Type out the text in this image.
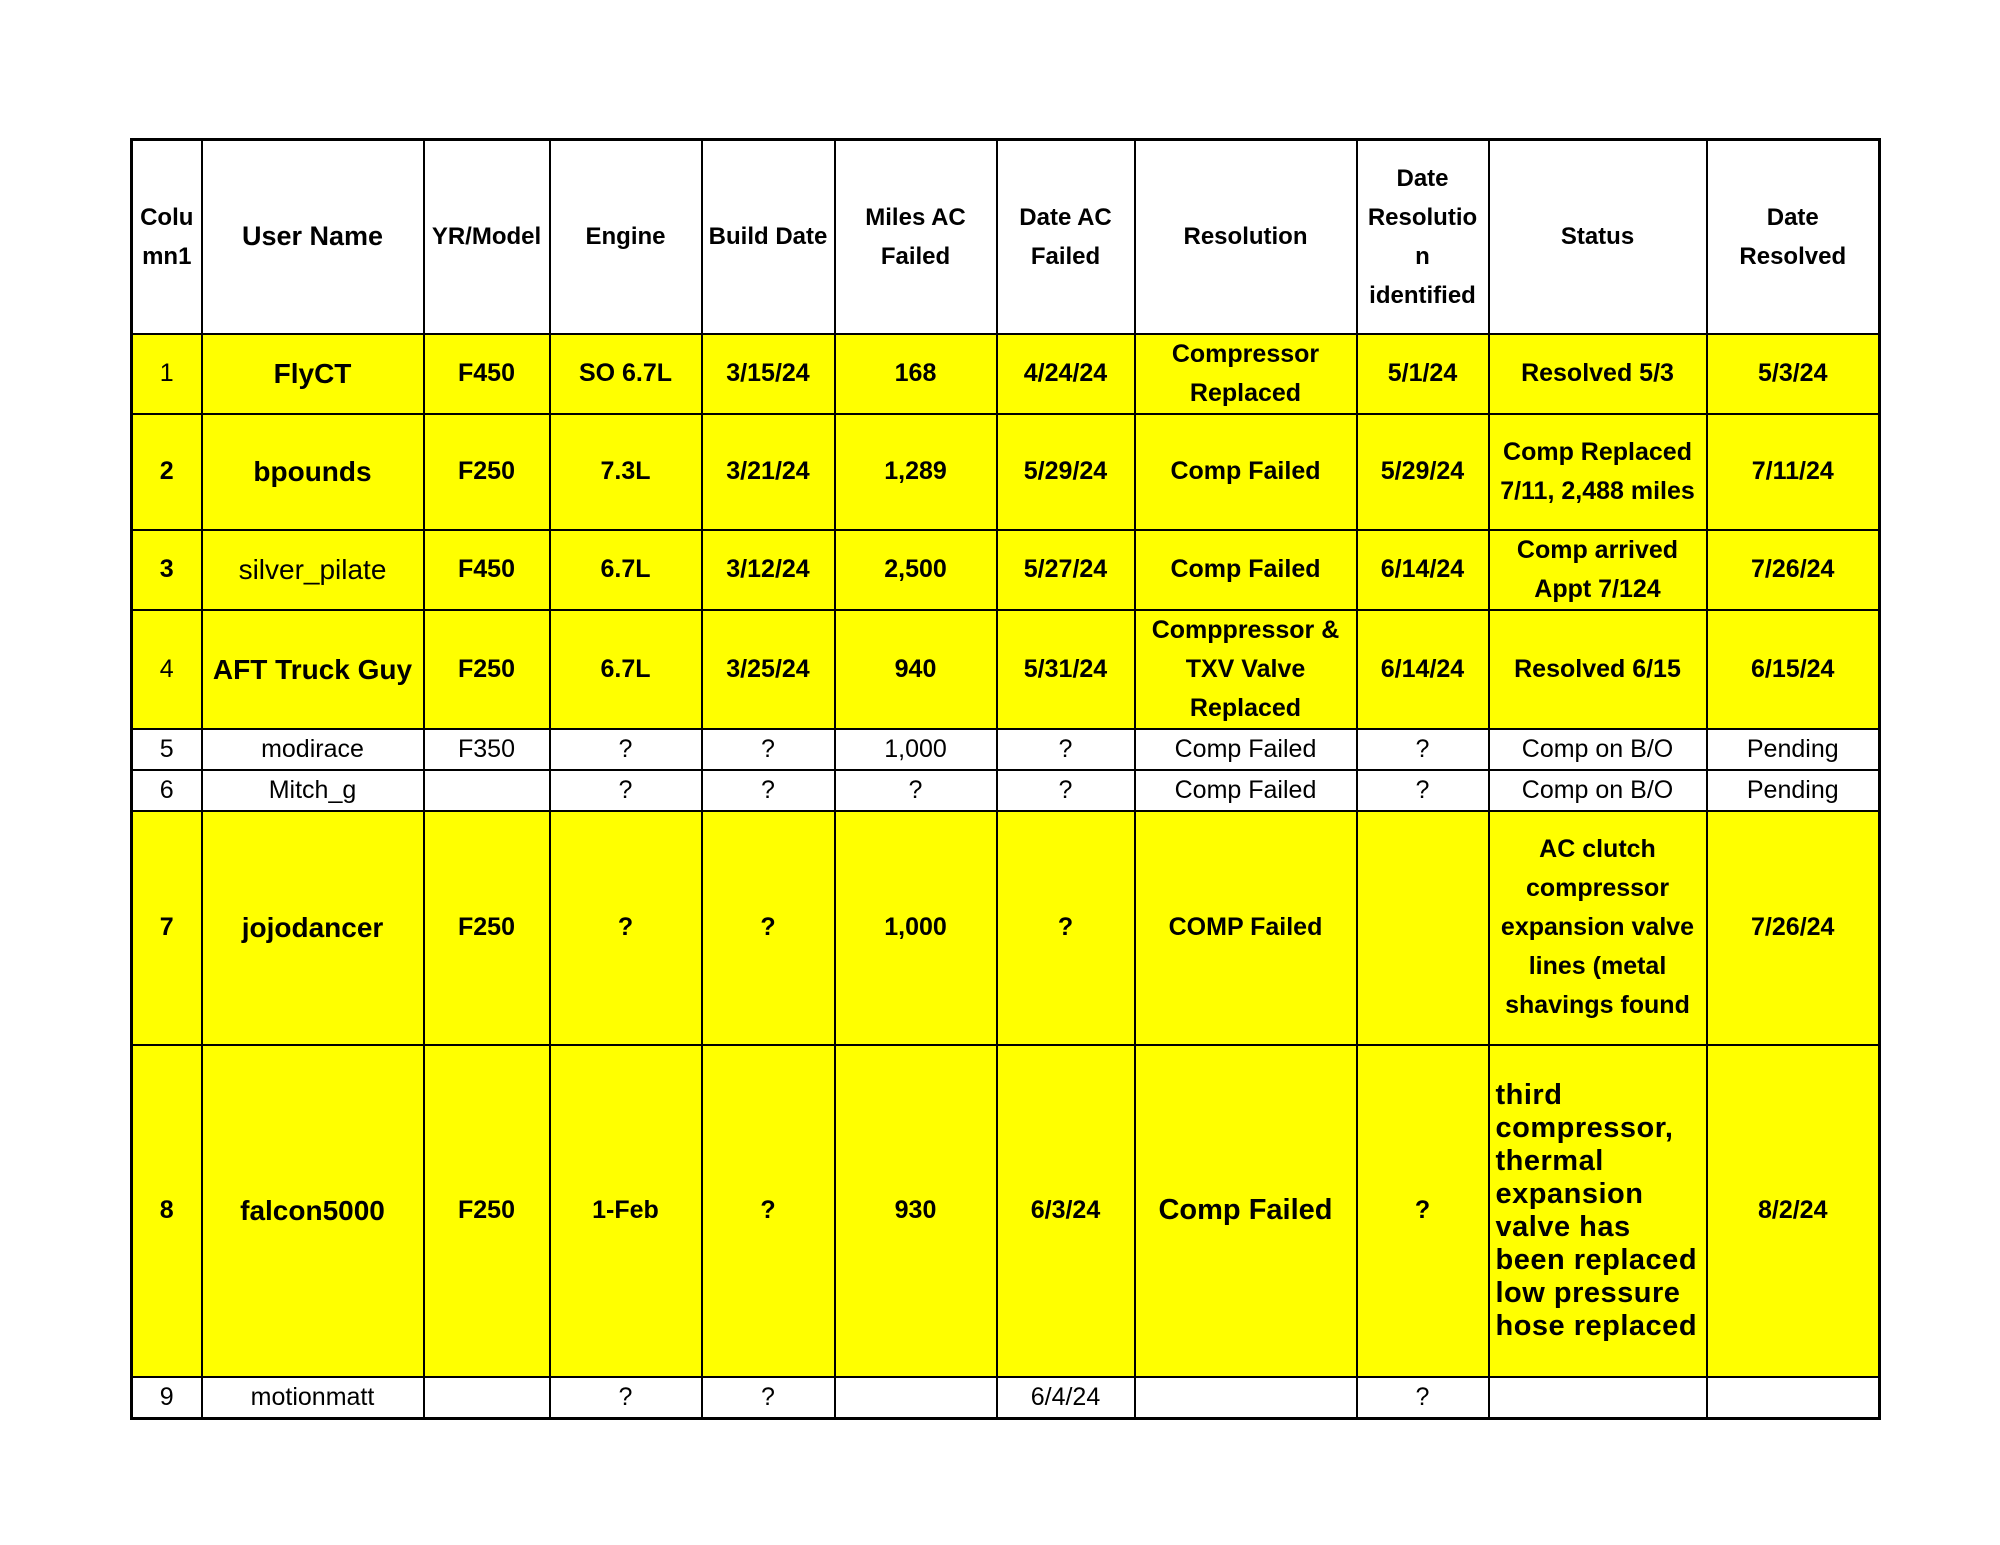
Colu mn1	User Name	YR/Model	Engine	Build Date	Miles AC Failed	Date AC Failed	Resolution	Date Resolutio n identified	Status	Date Resolved
1	FlyCT	F450	SO 6.7L	3/15/24	168	4/24/24	Compressor Replaced	5/1/24	Resolved 5/3	5/3/24
2	bpounds	F250	7.3L	3/21/24	1,289	5/29/24	Comp Failed	5/29/24	Comp Replaced 7/11, 2,488 miles	7/11/24
3	silver_pilate	F450	6.7L	3/12/24	2,500	5/27/24	Comp Failed	6/14/24	Comp arrived Appt 7/124	7/26/24
4	AFT Truck Guy	F250	6.7L	3/25/24	940	5/31/24	Comppressor & TXV Valve Replaced	6/14/24	Resolved 6/15	6/15/24
5	modirace	F350	?	?	1,000	?	Comp Failed	?	Comp on B/O	Pending
6	Mitch_g		?	?	?	?	Comp Failed	?	Comp on B/O	Pending
7	jojodancer	F250	?	?	1,000	?	COMP Failed		AC clutch compressor expansion valve lines (metal shavings found	7/26/24
8	falcon5000	F250	1-Feb	?	930	6/3/24	Comp Failed	?	third compressor, thermal expansion valve has been replaced low pressure hose replaced	8/2/24
9	motionmatt		?	?		6/4/24		?		
